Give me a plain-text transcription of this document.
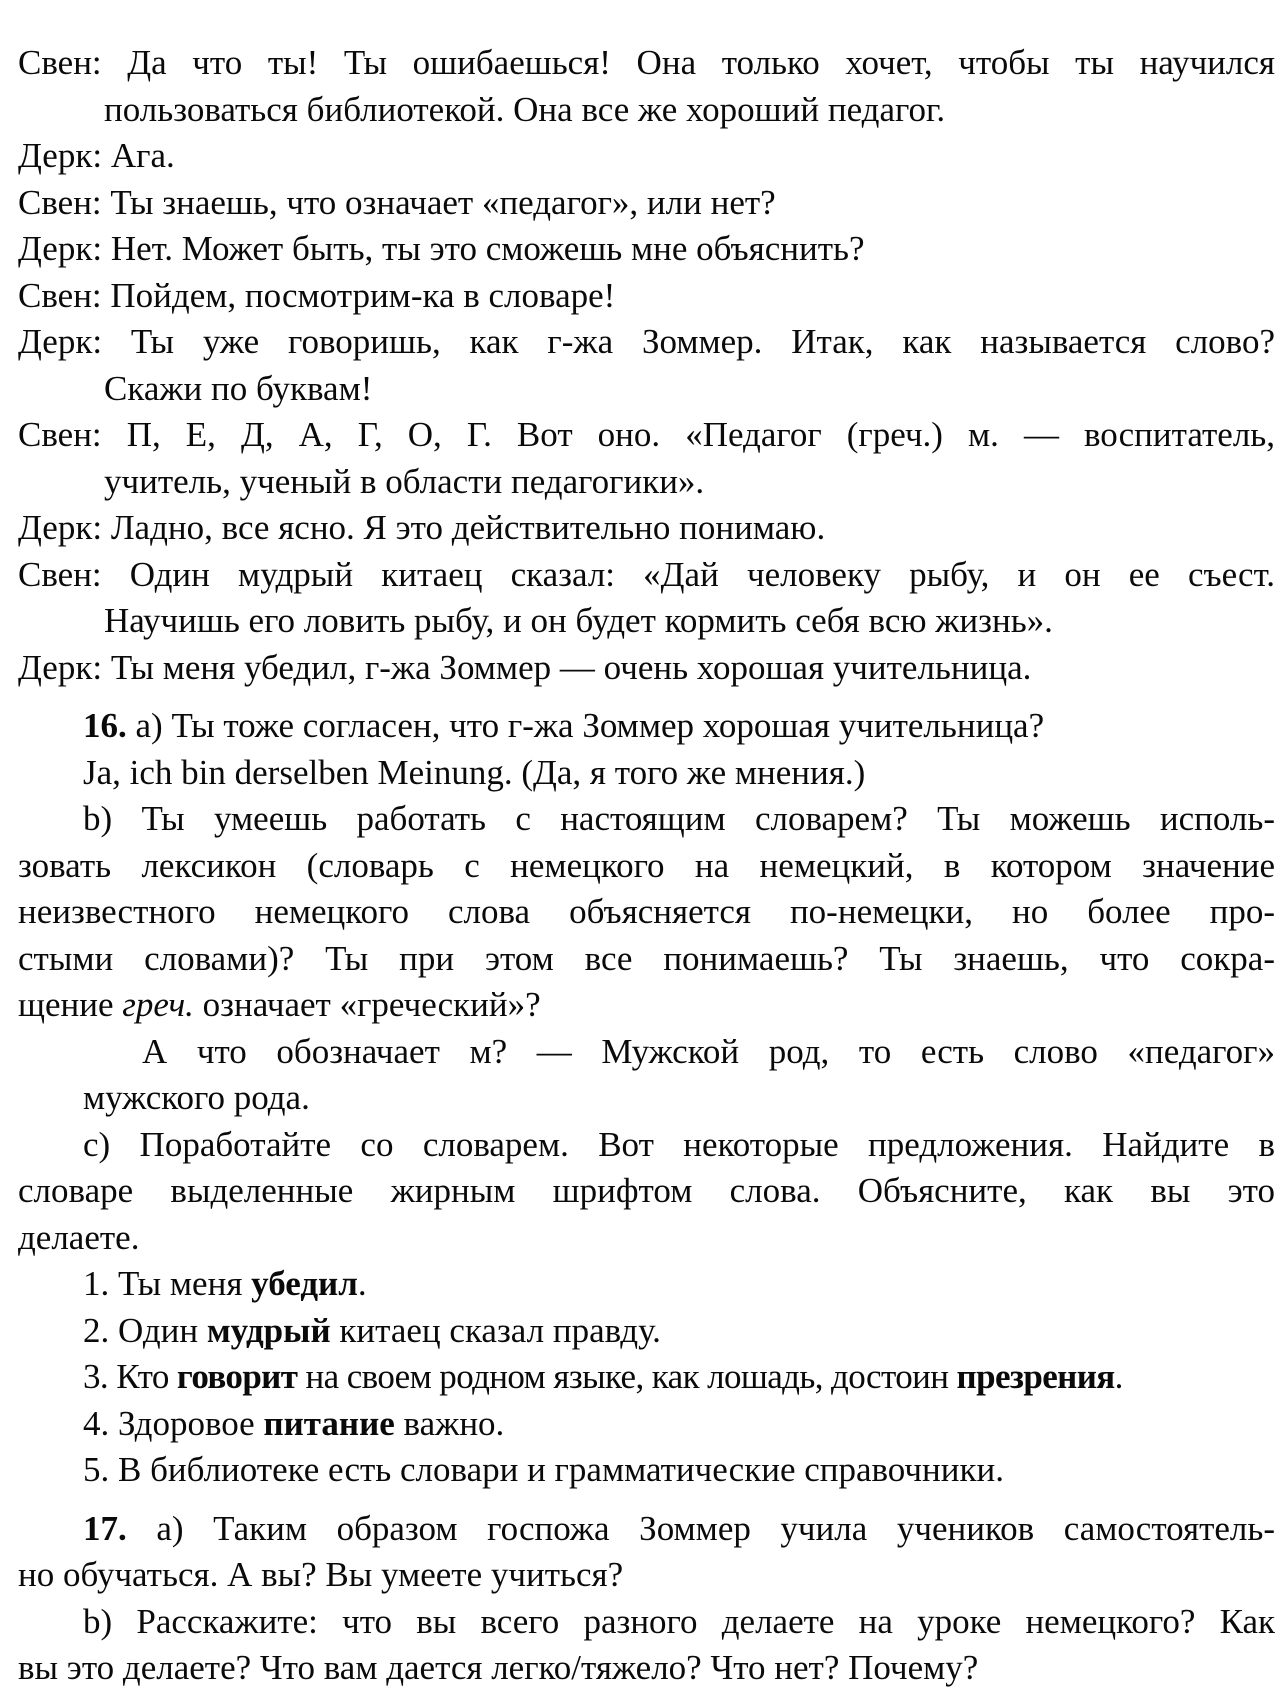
Свен: Да что ты! Ты ошибаешься! Она только хочет, чтобы ты научился
пользоваться библиотекой. Она все же хороший педагог.
Дерк: Ага.
Свен: Ты знаешь, что означает «педагог», или нет?
Дерк: Нет. Может быть, ты это сможешь мне объяснить?
Свен: Пойдем, посмотрим-ка в словаре!
Дерк: Ты уже говоришь, как г-жа Зоммер. Итак, как называется слово?
Скажи по буквам!
Свен: П, Е, Д, А, Г, О, Г. Вот оно. «Педагог (греч.) м. — воспитатель,
учитель, ученый в области педагогики».
Дерк: Ладно, все ясно. Я это действительно понимаю.
Свен: Один мудрый китаец сказал: «Дай человеку рыбу, и он ее съест.
Научишь его ловить рыбу, и он будет кормить себя всю жизнь».
Дерк: Ты меня убедил, г-жа Зоммер — очень хорошая учительница.
16. a) Ты тоже согласен, что г-жа Зоммер хорошая учительница?
Ja, ich bin derselben Meinung. (Да, я того же мнения.)
b) Ты умеешь работать с настоящим словарем? Ты можешь исполь-
зовать лексикон (словарь с немецкого на немецкий, в котором значение
неизвестного немецкого слова объясняется по-немецки, но более про-
стыми словами)? Ты при этом все понимаешь? Ты знаешь, что сокра-
щение греч. означает «греческий»?
А что обозначает м? — Мужской род, то есть слово «педагог»
мужского рода.
c) Поработайте со словарем. Вот некоторые предложения. Найдите в
словаре выделенные жирным шрифтом слова. Объясните, как вы это
делаете.
1. Ты меня убедил.
2. Один мудрый китаец сказал правду.
3. Кто говорит на своем родном языке, как лошадь, достоин презрения.
4. Здоровое питание важно.
5. В библиотеке есть словари и грамматические справочники.
17. a) Таким образом госпожа Зоммер учила учеников самостоятель-
но обучаться. А вы? Вы умеете учиться?
b) Расскажите: что вы всего разного делаете на уроке немецкого? Как
вы это делаете? Что вам дается легко/тяжело? Что нет? Почему?
